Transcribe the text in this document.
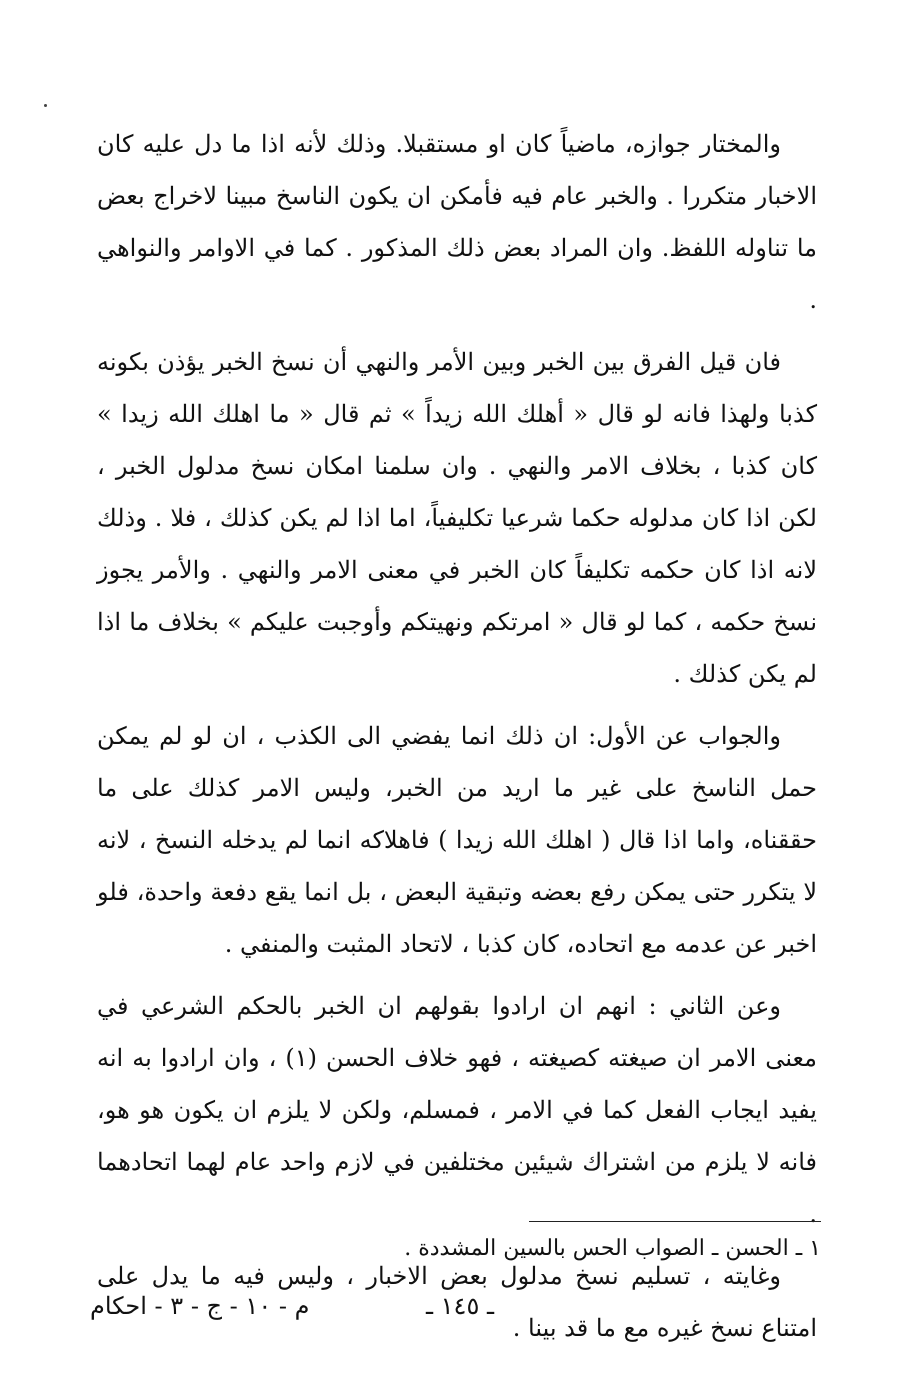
والمختار جوازه، ماضياً كان او مستقبلا. وذلك لأنه اذا ما دل عليه كان الاخبار متكررا . والخبر عام فيه فأمكن ان يكون الناسخ مبينا لاخراج بعض ما تناوله اللفظ. وان المراد بعض ذلك المذكور . كما في الاوامر والنواهي .

فان قيل الفرق بين الخبر وبين الأمر والنهي أن نسخ الخبر يؤذن بكونه كذبا ولهذا فانه لو قال « أهلك الله زيداً » ثم قال « ما اهلك الله زيدا » كان كذبا ، بخلاف الامر والنهي . وان سلمنا امكان نسخ مدلول الخبر ، لكن اذا كان مدلوله حكما شرعيا تكليفياً، اما اذا لم يكن كذلك ، فلا . وذلك لانه اذا كان حكمه تكليفاً كان الخبر في معنى الامر والنهي . والأمر يجوز نسخ حكمه ، كما لو قال « امرتكم ونهيتكم وأوجبت عليكم » بخلاف ما اذا لم يكن كذلك .

والجواب عن الأول: ان ذلك انما يفضي الى الكذب ، ان لو لم يمكن حمل الناسخ على غير ما اريد من الخبر، وليس الامر كذلك على ما حققناه، واما اذا قال ( اهلك الله زيدا ) فاهلاكه انما لم يدخله النسخ ، لانه لا يتكرر حتى يمكن رفع بعضه وتبقية البعض ، بل انما يقع دفعة واحدة، فلو اخبر عن عدمه مع اتحاده، كان كذبا ، لاتحاد المثبت والمنفي .

وعن الثاني : انهم ان ارادوا بقولهم ان الخبر بالحكم الشرعي في معنى الامر ان صيغته كصيغته ، فهو خلاف الحسن (١) ، وان ارادوا به انه يفيد ايجاب الفعل كما في الامر ، فمسلم، ولكن لا يلزم ان يكون هو هو، فانه لا يلزم من اشتراك شيئين مختلفين في لازم واحد عام لهما اتحادهما .

وغايته ، تسليم نسخ مدلول بعض الاخبار ، وليس فيه ما يدل على امتناع نسخ غيره مع ما قد بينا .

١ ـ الحسن ـ الصواب الحس بالسين المشددة .
ـ ١٤٥ ـ
م - ١٠ - ج - ٣ - احكام
